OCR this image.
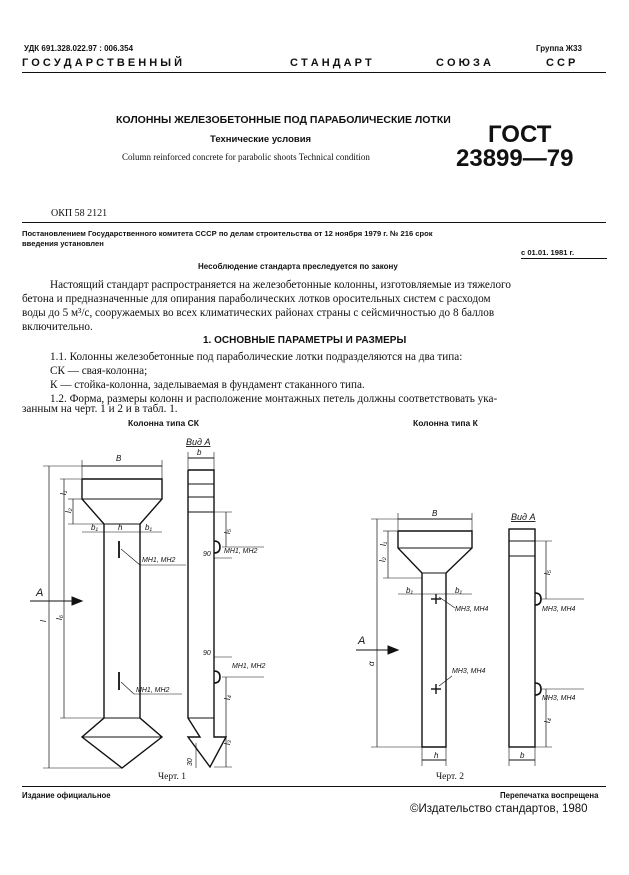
УДК 691.328.022.97 : 006.354	Группа Ж33
Г О С У Д А Р С Т В Е Н Н Ы Й	С Т А Н Д А Р Т	С О Ю З А	С С Р
КОЛОННЫ ЖЕЛЕЗОБЕТОННЫЕ ПОД ПАРАБОЛИЧЕСКИЕ ЛОТКИ
Технические условия
Column reinforced concrete for parabolic shoots Technical condition
ГОСТ
23899—79
ОКП 58 2121
Постановлением Государственного комитета СССР по делам строительства от 12 ноября 1979 г. № 216 срок
введения установлен
с 01.01. 1981 г.
Несоблюдение стандарта преследуется по закону
Настоящий стандарт распространяется на железобетонные колонны, изготовляемые из тяжелого
бетона и предназначенные для опирания параболических лотков оросительных систем с расходом
воды до 5 м³/с, сооружаемых во всех климатических районах страны с сейсмичностью до 8 баллов
включительно.
1. ОСНОВНЫЕ ПАРАМЕТРЫ И РАЗМЕРЫ
1.1. Колонны железобетонные под параболические лотки подразделяются на два типа:
СК — свая-колонна;
К — стойка-колонна, заделываемая в фундамент стаканного типа.
1.2. Форма, размеры колонн и расположение монтажных петель должны соответствовать ука-
занным на черт. 1 и 2 и в табл. 1.
Колонна типа СК	Колонна типа К
В
b₁	h	b₁
l
l₆
l₂
l₁
А
МН1, МН2
МН1, МН2
Вид А
b
l₅
90 МН1, МН2
90
МН1, МН2
l₄
l₃
30
В
b₁	b₁
l₂
l₁
α
А
h
МН3, МН4
МН3, МН4
Вид А
l₅
МН3, МН4
МН3, МН4
l₄
b
Черт. 1	Черт. 2
Издание официальное	Перепечатка воспрещена
©Издательство стандартов, 1980
